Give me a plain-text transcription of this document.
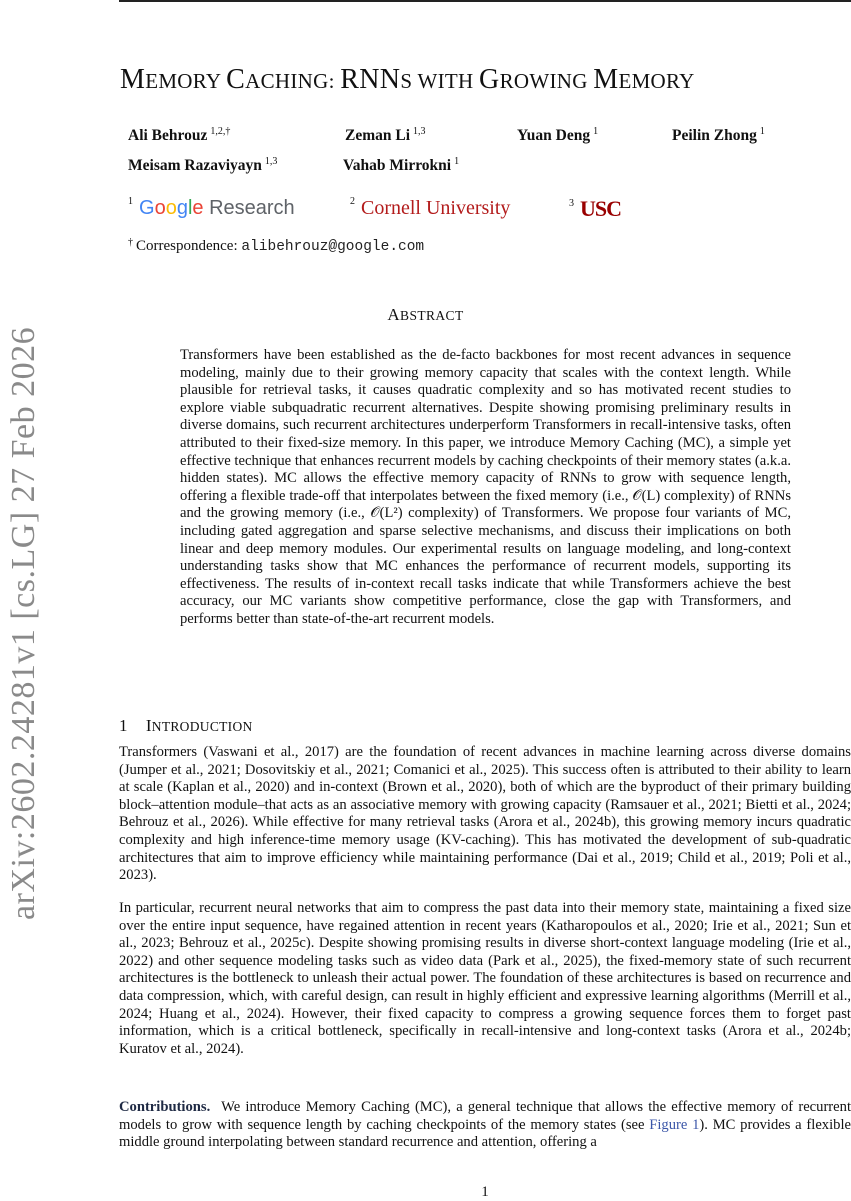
arXiv:2602.24281v1 [cs.LG] 27 Feb 2026
MEMORY CACHING: RNNS WITH GROWING MEMORY
Ali Behrouz $^{1,2,\dagger}$	Zeman Li $^{1,3}$	Yuan Deng $^1$	Peilin Zhong $^1$
Meisam Razaviyayn $^{1,3}$	Vahab Mirrokni $^1$
$^1$ Google Research	$^2$ Cornell University	$^3$ USC
† Correspondence: alibehrouz@google.com
ABSTRACT
Transformers have been established as the de-facto backbones for most recent advances in sequence modeling, mainly due to their growing memory capacity that scales with the context length. While plausible for retrieval tasks, it causes quadratic complexity and so has motivated recent studies to explore viable subquadratic recurrent alternatives. Despite showing promising preliminary results in diverse domains, such recurrent architectures underperform Transformers in recall-intensive tasks, often attributed to their fixed-size memory. In this paper, we introduce Memory Caching (MC), a simple yet effective technique that enhances recurrent models by caching checkpoints of their memory states (a.k.a. hidden states). MC allows the effective memory capacity of RNNs to grow with sequence length, offering a flexible trade-off that interpolates between the fixed memory (i.e., 𝒪(L) complexity) of RNNs and the growing memory (i.e., 𝒪(L²) complexity) of Transformers. We propose four variants of MC, including gated aggregation and sparse selective mechanisms, and discuss their implications on both linear and deep memory modules. Our experimental results on language modeling, and long-context understanding tasks show that MC enhances the performance of recurrent models, supporting its effectiveness. The results of in-context recall tasks indicate that while Transformers achieve the best accuracy, our MC variants show competitive performance, close the gap with Transformers, and performs better than state-of-the-art recurrent models.
1 INTRODUCTION
Transformers (Vaswani et al., 2017) are the foundation of recent advances in machine learning across diverse domains (Jumper et al., 2021; Dosovitskiy et al., 2021; Comanici et al., 2025). This success often is attributed to their ability to learn at scale (Kaplan et al., 2020) and in-context (Brown et al., 2020), both of which are the byproduct of their primary building block–attention module–that acts as an associative memory with growing capacity (Ramsauer et al., 2021; Bietti et al., 2024; Behrouz et al., 2026). While effective for many retrieval tasks (Arora et al., 2024b), this growing memory incurs quadratic complexity and high inference-time memory usage (KV-caching). This has motivated the development of sub-quadratic architectures that aim to improve efficiency while maintaining performance (Dai et al., 2019; Child et al., 2019; Poli et al., 2023).
In particular, recurrent neural networks that aim to compress the past data into their memory state, maintaining a fixed size over the entire input sequence, have regained attention in recent years (Katharopoulos et al., 2020; Irie et al., 2021; Sun et al., 2023; Behrouz et al., 2025c). Despite showing promising results in diverse short-context language modeling (Irie et al., 2022) and other sequence modeling tasks such as video data (Park et al., 2025), the fixed-memory state of such recurrent architectures is the bottleneck to unleash their actual power. The foundation of these architectures is based on recurrence and data compression, which, with careful design, can result in highly efficient and expressive learning algorithms (Merrill et al., 2024; Huang et al., 2024). However, their fixed capacity to compress a growing sequence forces them to forget past information, which is a critical bottleneck, specifically in recall-intensive and long-context tasks (Arora et al., 2024b; Kuratov et al., 2024).
Contributions. We introduce Memory Caching (MC), a general technique that allows the effective memory of recurrent models to grow with sequence length by caching checkpoints of the memory states (see Figure 1). MC provides a flexible middle ground interpolating between standard recurrence and attention, offering a
1
